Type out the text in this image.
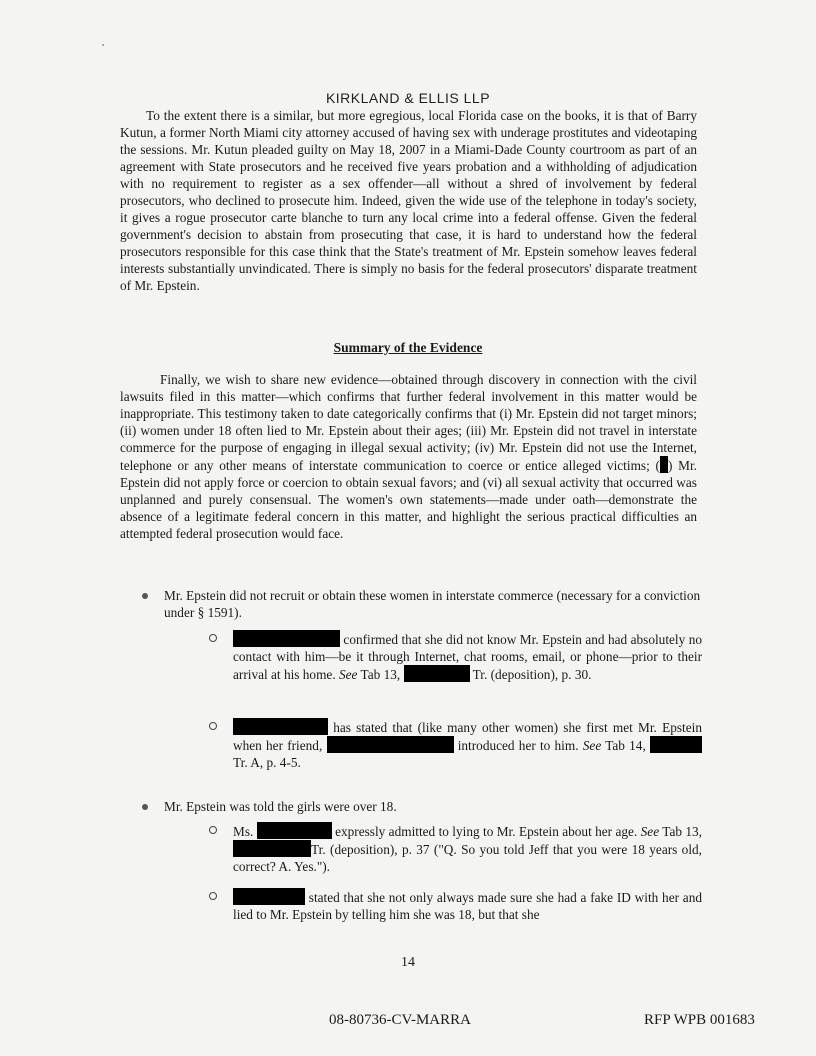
KIRKLAND & ELLIS LLP
To the extent there is a similar, but more egregious, local Florida case on the books, it is that of Barry Kutun, a former North Miami city attorney accused of having sex with underage prostitutes and videotaping the sessions. Mr. Kutun pleaded guilty on May 18, 2007 in a Miami-Dade County courtroom as part of an agreement with State prosecutors and he received five years probation and a withholding of adjudication with no requirement to register as a sex offender—all without a shred of involvement by federal prosecutors, who declined to prosecute him. Indeed, given the wide use of the telephone in today's society, it gives a rogue prosecutor carte blanche to turn any local crime into a federal offense. Given the federal government's decision to abstain from prosecuting that case, it is hard to understand how the federal prosecutors responsible for this case think that the State's treatment of Mr. Epstein somehow leaves federal interests substantially unvindicated. There is simply no basis for the federal prosecutors' disparate treatment of Mr. Epstein.
Summary of the Evidence
Finally, we wish to share new evidence—obtained through discovery in connection with the civil lawsuits filed in this matter—which confirms that further federal involvement in this matter would be inappropriate. This testimony taken to date categorically confirms that (i) Mr. Epstein did not target minors; (ii) women under 18 often lied to Mr. Epstein about their ages; (iii) Mr. Epstein did not travel in interstate commerce for the purpose of engaging in illegal sexual activity; (iv) Mr. Epstein did not use the Internet, telephone or any other means of interstate communication to coerce or entice alleged victims; ( ) Mr. Epstein did not apply force or coercion to obtain sexual favors; and (vi) all sexual activity that occurred was unplanned and purely consensual. The women's own statements—made under oath—demonstrate the absence of a legitimate federal concern in this matter, and highlight the serious practical difficulties an attempted federal prosecution would face.
Mr. Epstein did not recruit or obtain these women in interstate commerce (necessary for a conviction under § 1591).
confirmed that she did not know Mr. Epstein and had absolutely no contact with him—be it through Internet, chat rooms, email, or phone—prior to their arrival at his home. See Tab 13,	Tr. (deposition), p. 30.
has stated that (like many other women) she first met Mr. Epstein when her friend,	introduced her to him. See Tab 14,  Tr. A, p. 4-5.
Mr. Epstein was told the girls were over 18.
Ms.	expressly admitted to lying to Mr. Epstein about her age. See Tab 13,Tr. (deposition), p. 37 ("Q. So you told Jeff that you were 18 years old, correct? A. Yes.").
stated that she not only always made sure she had a fake ID with her and lied to Mr. Epstein by telling him she was 18, but that she
14
08-80736-CV-MARRA	RFP WPB 001683
